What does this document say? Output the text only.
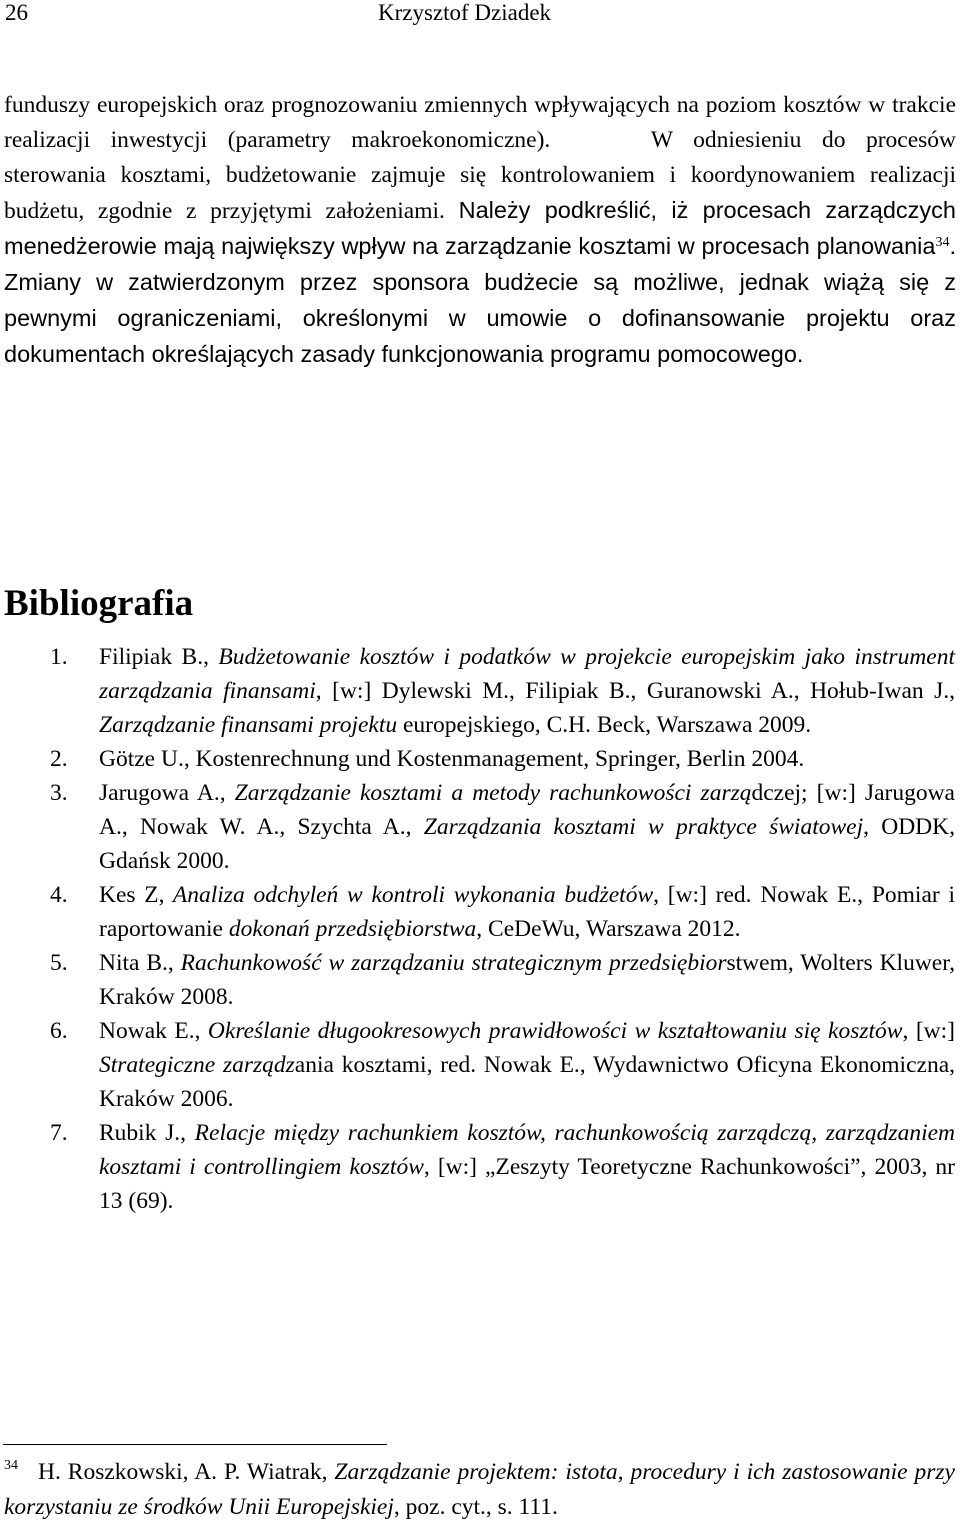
26	Krzysztof Dziadek

funduszy europejskich oraz prognozowaniu zmiennych wpływających na poziom kosztów w trakcie realizacji inwestycji (parametry makroekonomiczne).	W odniesieniu do procesów sterowania kosztami, budżetowanie zajmuje się kontrolowaniem i koordynowaniem realizacji budżetu, zgodnie z przyjętymi założeniami. Należy podkreślić, iż procesach zarządczych menedżerowie mają największy wpływ na zarządzanie kosztami w procesach planowania$^{34}$. Zmiany w zatwierdzonym przez sponsora budżecie są możliwe, jednak wiążą się z pewnymi ograniczeniami, określonymi w umowie o dofinansowanie projektu oraz dokumentach określających zasady funkcjonowania programu pomocowego.

Bibliografia
1. Filipiak B., Budżetowanie kosztów i podatków w projekcie europejskim jako instrument zarządzania finansami, [w:] Dylewski M., Filipiak B., Guranowski A., Hołub-Iwan J., Zarządzanie finansami projektu europejskiego, C.H. Beck, Warszawa 2009.
2. Götze U., Kostenrechnung und Kostenmanagement, Springer, Berlin 2004.
3. Jarugowa A., Zarządzanie kosztami a metody rachunkowości zarządczej; [w:] Jarugowa A., Nowak W. A., Szychta A., Zarządzania kosztami w praktyce światowej, ODDK, Gdańsk 2000.
4. Kes Z, Analiza odchyleń w kontroli wykonania budżetów, [w:] red. Nowak E., Pomiar i raportowanie dokonań przedsiębiorstwa, CeDeWu, Warszawa 2012.
5. Nita B., Rachunkowość w zarządzaniu strategicznym przedsiębiorstwem, Wolters Kluwer, Kraków 2008.
6. Nowak E., Określanie długookresowych prawidłowości w kształtowaniu się kosztów, [w:] Strategiczne zarządzania kosztami, red. Nowak E., Wydawnictwo Oficyna Ekonomiczna, Kraków 2006.
7. Rubik J., Relacje między rachunkiem kosztów, rachunkowością zarządczą, zarządzaniem kosztami i controllingiem kosztów, [w:] „Zeszyty Teoretyczne Rachunkowości”, 2003, nr 13 (69).

$^{34}$ H. Roszkowski, A. P. Wiatrak, Zarządzanie projektem: istota, procedury i ich zastosowanie przy korzystaniu ze środków Unii Europejskiej, poz. cyt., s. 111.
